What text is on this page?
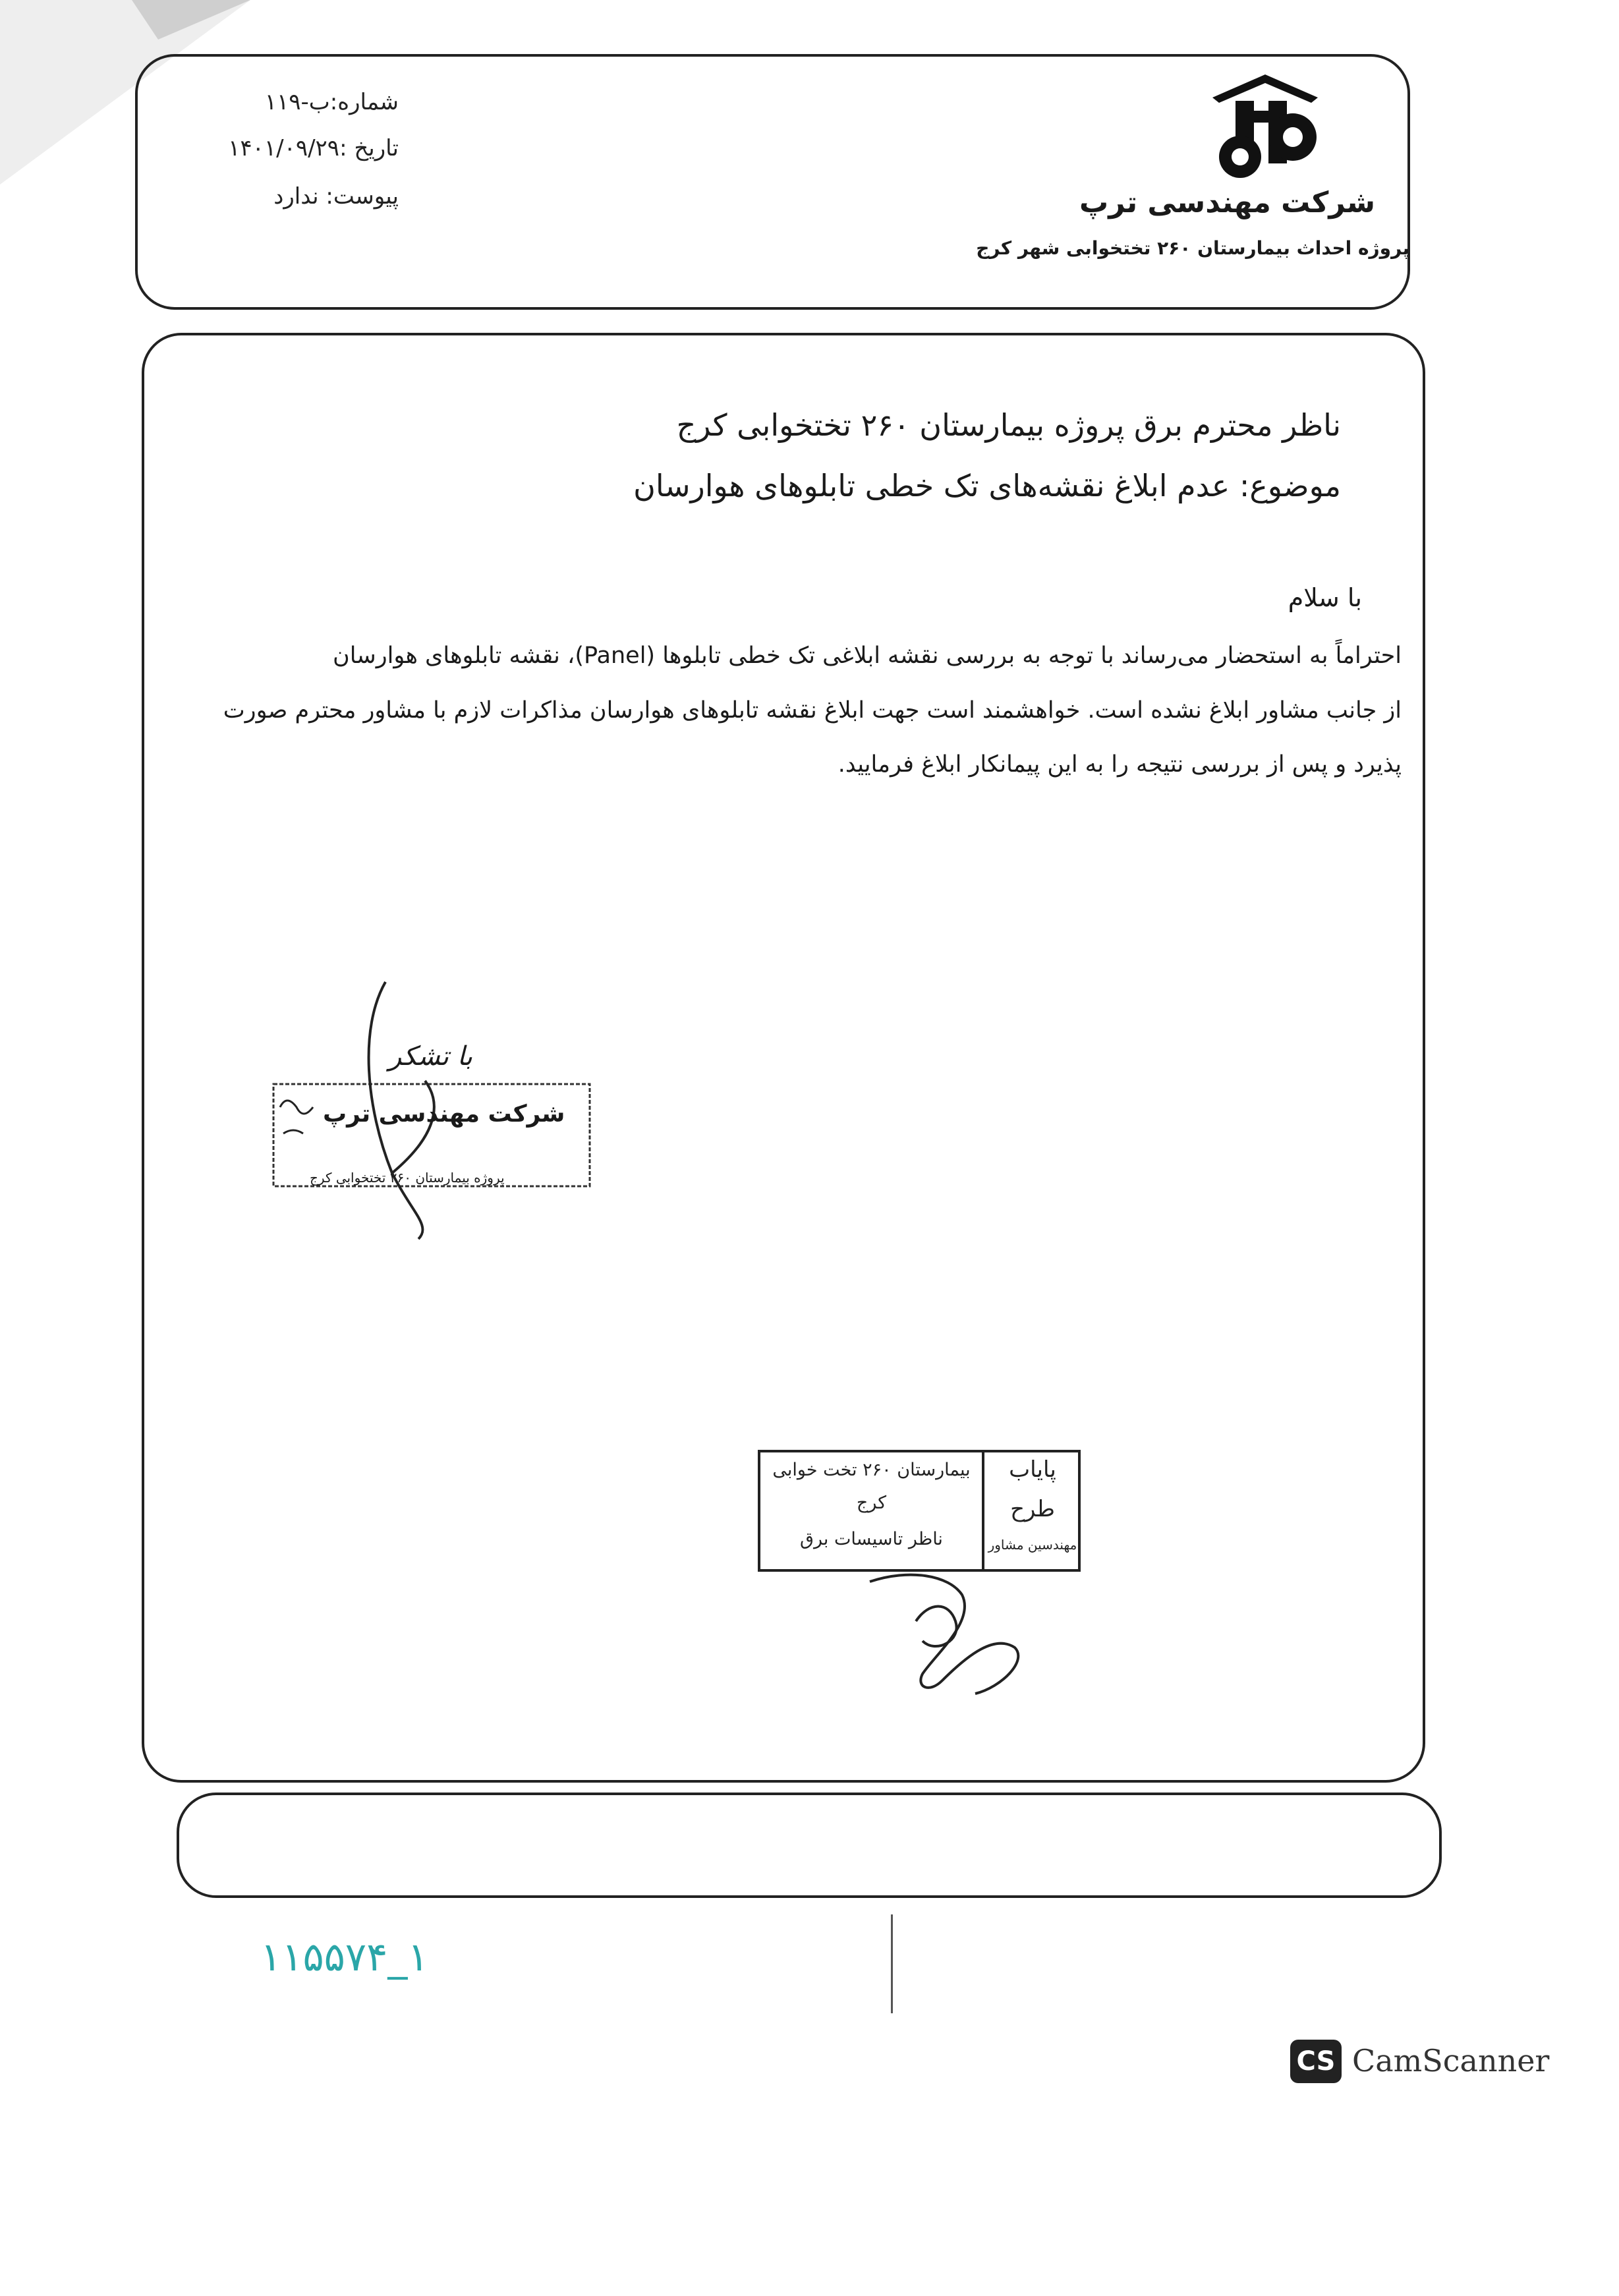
شماره:ب-۱۱۹
تاریخ :۱۴۰۱/۰۹/۲۹
پیوست: ندارد	شرکت مهندسی ترپ
پروژه احداث بیمارستان ۲۶۰ تختخوابی شهر کرج
ناظر محترم برق پروژه بیمارستان ۲۶۰ تختخوابی کرج
موضوع: عدم ابلاغ نقشه‌های تک خطی تابلوهای هوارسان
با سلام
احتراماً به استحضار می‌رساند با توجه به بررسی نقشه ابلاغی تک خطی تابلوها (Panel)، نقشه تابلوهای هوارسان
از جانب مشاور ابلاغ نشده است. خواهشمند است جهت ابلاغ نقشه تابلوهای هوارسان مذاکرات لازم با مشاور محترم صورت
پذیرد و پس از بررسی نتیجه را به این پیمانکار ابلاغ فرمایید.
با تشکر
شرکت مهندسی ترپ
پروژه بیمارستان ۲۶۰ تختخوابی کرج
بیمارستان ۲۶۰ تخت خوابی
کرج
ناظر تاسیسات برق
پایاب
طرح
مهندسین مشاور
۱۱۵۵۷۴_۱
CS CamScanner
